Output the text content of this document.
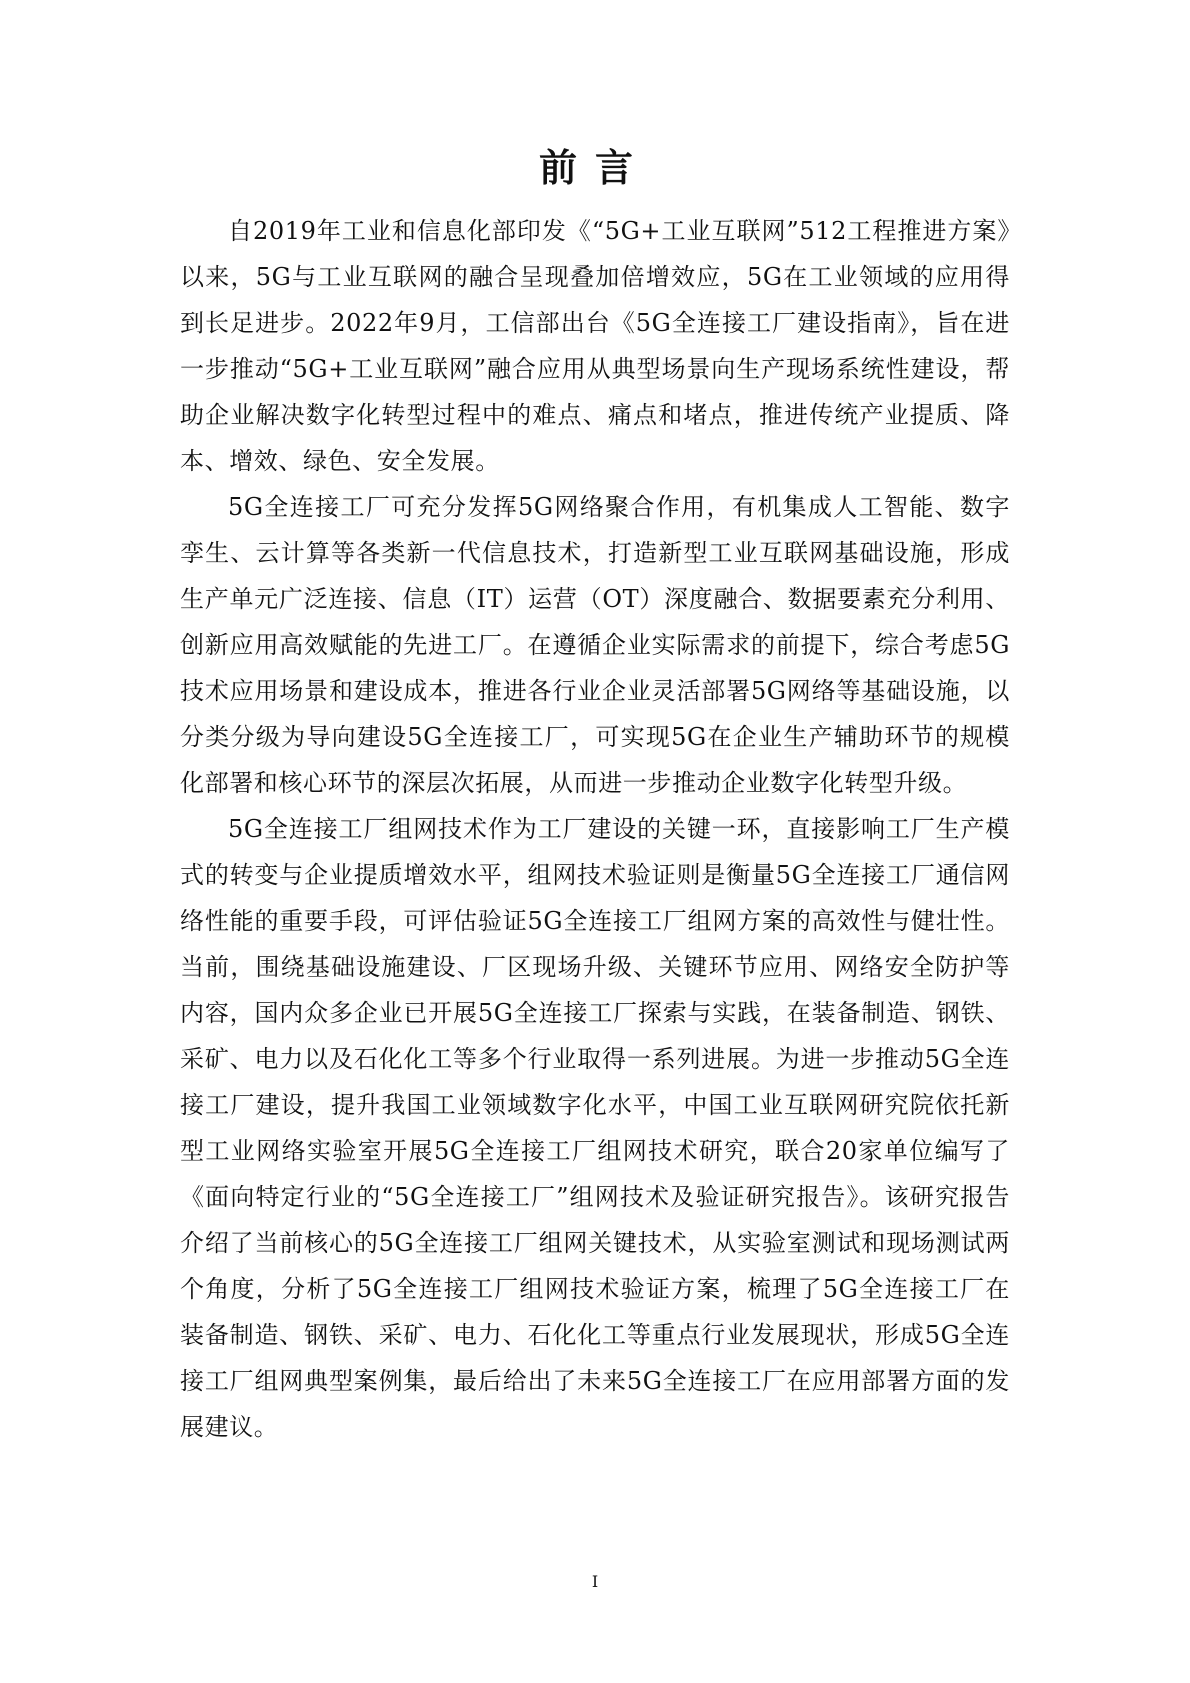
前言

自2019年工业和信息化部印发《“5G+工业互联网”512工程推进方案》以来，5G与工业互联网的融合呈现叠加倍增效应，5G在工业领域的应用得到长足进步。2022年9月，工信部出台《5G全连接工厂建设指南》，旨在进一步推动“5G+工业互联网”融合应用从典型场景向生产现场系统性建设，帮助企业解决数字化转型过程中的难点、痛点和堵点，推进传统产业提质、降本、增效、绿色、安全发展。

5G全连接工厂可充分发挥5G网络聚合作用，有机集成人工智能、数字孪生、云计算等各类新一代信息技术，打造新型工业互联网基础设施，形成生产单元广泛连接、信息（IT）运营（OT）深度融合、数据要素充分利用、创新应用高效赋能的先进工厂。在遵循企业实际需求的前提下，综合考虑5G技术应用场景和建设成本，推进各行业企业灵活部署5G网络等基础设施，以分类分级为导向建设5G全连接工厂，可实现5G在企业生产辅助环节的规模化部署和核心环节的深层次拓展，从而进一步推动企业数字化转型升级。

5G全连接工厂组网技术作为工厂建设的关键一环，直接影响工厂生产模式的转变与企业提质增效水平，组网技术验证则是衡量5G全连接工厂通信网络性能的重要手段，可评估验证5G全连接工厂组网方案的高效性与健壮性。当前，围绕基础设施建设、厂区现场升级、关键环节应用、网络安全防护等内容，国内众多企业已开展5G全连接工厂探索与实践，在装备制造、钢铁、采矿、电力以及石化化工等多个行业取得一系列进展。为进一步推动5G全连接工厂建设，提升我国工业领域数字化水平，中国工业互联网研究院依托新型工业网络实验室开展5G全连接工厂组网技术研究，联合20家单位编写了《面向特定行业的“5G全连接工厂”组网技术及验证研究报告》。该研究报告介绍了当前核心的5G全连接工厂组网关键技术，从实验室测试和现场测试两个角度，分析了5G全连接工厂组网技术验证方案，梳理了5G全连接工厂在装备制造、钢铁、采矿、电力、石化化工等重点行业发展现状，形成5G全连接工厂组网典型案例集，最后给出了未来5G全连接工厂在应用部署方面的发展建议。

I
